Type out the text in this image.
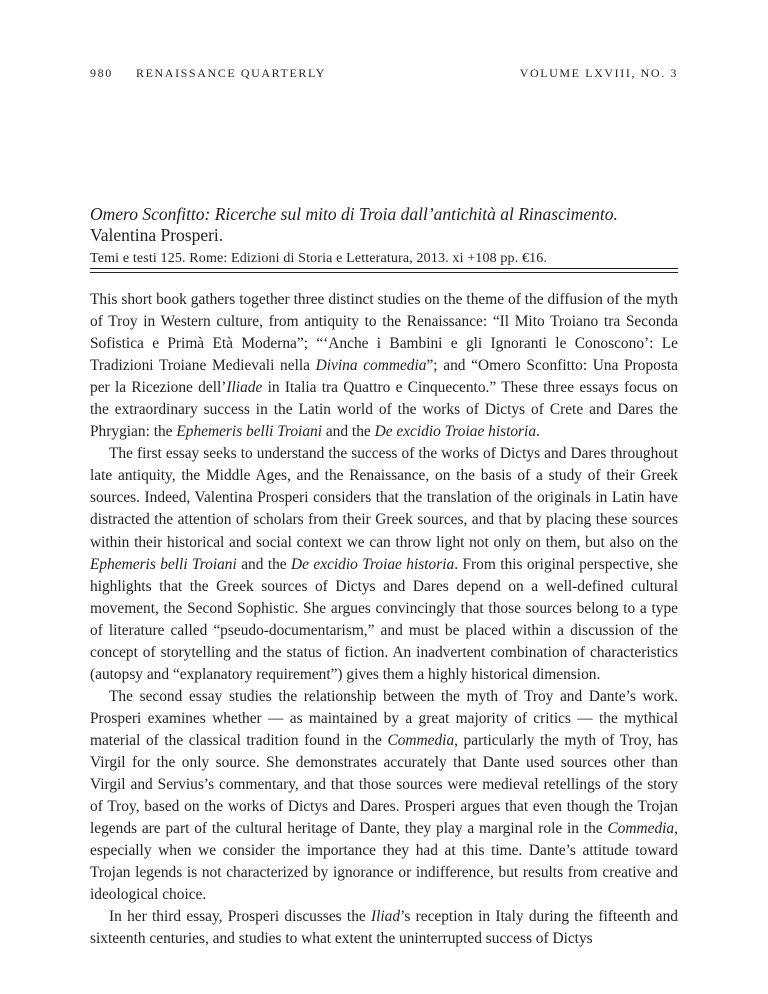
980 RENAISSANCE QUARTERLY	VOLUME LXVIII, NO. 3
Omero Sconfitto: Ricerche sul mito di Troia dall’antichità al Rinascimento.
Valentina Prosperi.
Temi e testi 125. Rome: Edizioni di Storia e Letteratura, 2013. xi +108 pp. €16.

This short book gathers together three distinct studies on the theme of the diffusion of the myth of Troy in Western culture, from antiquity to the Renaissance: “Il Mito Troiano tra Seconda Sofistica e Primà Età Moderna”; “‘Anche i Bambini e gli Ignoranti le Conoscono’: Le Tradizioni Troiane Medievali nella Divina commedia”; and “Omero Sconfitto: Una Proposta per la Ricezione dell’Iliade in Italia tra Quattro e Cinquecento.” These three essays focus on the extraordinary success in the Latin world of the works of Dictys of Crete and Dares the Phrygian: the Ephemeris belli Troiani and the De excidio Troiae historia.

The first essay seeks to understand the success of the works of Dictys and Dares throughout late antiquity, the Middle Ages, and the Renaissance, on the basis of a study of their Greek sources. Indeed, Valentina Prosperi considers that the translation of the originals in Latin have distracted the attention of scholars from their Greek sources, and that by placing these sources within their historical and social context we can throw light not only on them, but also on the Ephemeris belli Troiani and the De excidio Troiae historia. From this original perspective, she highlights that the Greek sources of Dictys and Dares depend on a well-defined cultural movement, the Second Sophistic. She argues convincingly that those sources belong to a type of literature called “pseudo-documentarism,” and must be placed within a discussion of the concept of storytelling and the status of fiction. An inadvertent combination of characteristics (autopsy and “explanatory requirement”) gives them a highly historical dimension.

The second essay studies the relationship between the myth of Troy and Dante’s work. Prosperi examines whether — as maintained by a great majority of critics — the mythical material of the classical tradition found in the Commedia, particularly the myth of Troy, has Virgil for the only source. She demonstrates accurately that Dante used sources other than Virgil and Servius’s commentary, and that those sources were medieval retellings of the story of Troy, based on the works of Dictys and Dares. Prosperi argues that even though the Trojan legends are part of the cultural heritage of Dante, they play a marginal role in the Commedia, especially when we consider the importance they had at this time. Dante’s attitude toward Trojan legends is not characterized by ignorance or indifference, but results from creative and ideological choice.

In her third essay, Prosperi discusses the Iliad’s reception in Italy during the fifteenth and sixteenth centuries, and studies to what extent the uninterrupted success of Dictys
